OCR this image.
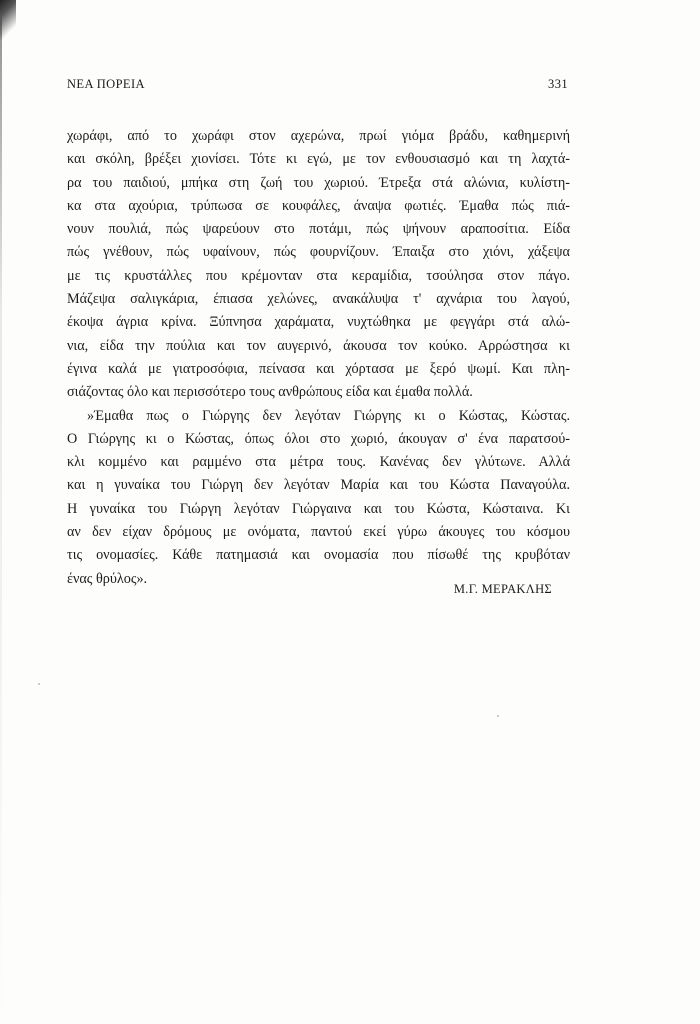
ΝΕΑ ΠΟΡΕΙΑ	331
χωράφι, από το χωράφι στον αχερώνα, πρωί γιόμα βράδυ, καθημερινή
και σκόλη, βρέξει χιονίσει. Τότε κι εγώ, με τον ενθουσιασμό και τη λαχτά-
ρα του παιδιού, μπήκα στη ζωή του χωριού. Έτρεξα στά αλώνια, κυλίστη-
κα στα αχούρια, τρύπωσα σε κουφάλες, άναψα φωτιές. Έμαθα πώς πιά-
νουν πουλιά, πώς ψαρεύουν στο ποτάμι, πώς ψήνουν αραποσίτια. Είδα
πώς γνέθουν, πώς υφαίνουν, πώς φουρνίζουν. Έπαιξα στο χιόνι, χάξεψα
με τις κρυστάλλες που κρέμονταν στα κεραμίδια, τσούλησα στον πάγο.
Μάζεψα σαλιγκάρια, έπιασα χελώνες, ανακάλυψα τ' αχνάρια του λαγού,
έκοψα άγρια κρίνα. Ξύπνησα χαράματα, νυχτώθηκα με φεγγάρι στά αλώ-
νια, είδα την πούλια και τον αυγερινό, άκουσα τον κούκο. Αρρώστησα κι
έγινα καλά με γιατροσόφια, πείνασα και χόρτασα με ξερό ψωμί. Και πλη-
σιάζοντας όλο και περισσότερο τους ανθρώπους είδα και έμαθα πολλά.
»Έμαθα πως ο Γιώργης δεν λεγόταν Γιώργης κι ο Κώστας, Κώστας.
Ο Γιώργης κι ο Κώστας, όπως όλοι στο χωριό, άκουγαν σ' ένα παρατσού-
κλι κομμένο και ραμμένο στα μέτρα τους. Κανένας δεν γλύτωνε. Αλλά
και η γυναίκα του Γιώργη δεν λεγόταν Μαρία και του Κώστα Παναγούλα.
Η γυναίκα του Γιώργη λεγόταν Γιώργαινα και του Κώστα, Κώσταινα. Κι
αν δεν είχαν δρόμους με ονόματα, παντού εκεί γύρω άκουγες του κόσμου
τις ονομασίες. Κάθε πατημασιά και ονομασία που πίσωθέ της κρυβόταν
ένας θρύλος».
Μ.Γ. ΜΕΡΑΚΛΗΣ
